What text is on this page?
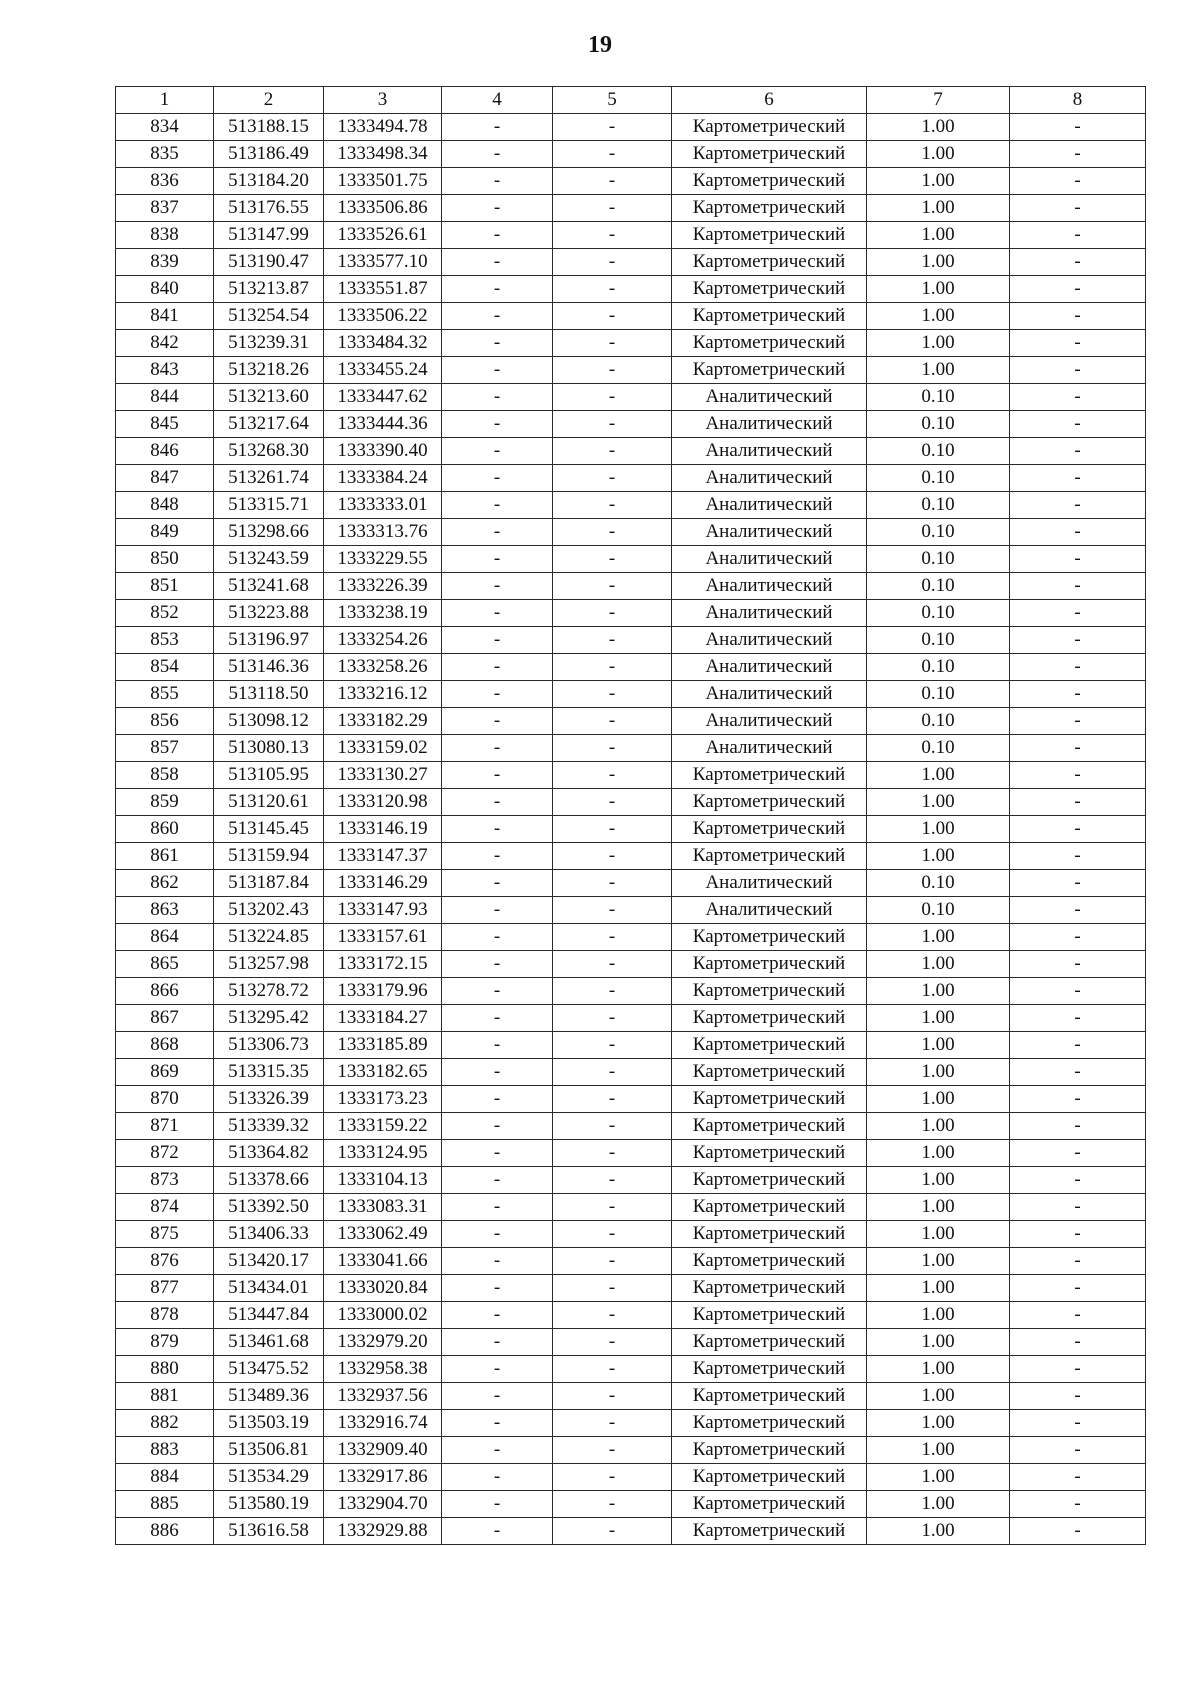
19
1	2	3	4	5	6	7	8
834	513188.15	1333494.78	-	-	Картометрический	1.00	-
835	513186.49	1333498.34	-	-	Картометрический	1.00	-
836	513184.20	1333501.75	-	-	Картометрический	1.00	-
837	513176.55	1333506.86	-	-	Картометрический	1.00	-
838	513147.99	1333526.61	-	-	Картометрический	1.00	-
839	513190.47	1333577.10	-	-	Картометрический	1.00	-
840	513213.87	1333551.87	-	-	Картометрический	1.00	-
841	513254.54	1333506.22	-	-	Картометрический	1.00	-
842	513239.31	1333484.32	-	-	Картометрический	1.00	-
843	513218.26	1333455.24	-	-	Картометрический	1.00	-
844	513213.60	1333447.62	-	-	Аналитический	0.10	-
845	513217.64	1333444.36	-	-	Аналитический	0.10	-
846	513268.30	1333390.40	-	-	Аналитический	0.10	-
847	513261.74	1333384.24	-	-	Аналитический	0.10	-
848	513315.71	1333333.01	-	-	Аналитический	0.10	-
849	513298.66	1333313.76	-	-	Аналитический	0.10	-
850	513243.59	1333229.55	-	-	Аналитический	0.10	-
851	513241.68	1333226.39	-	-	Аналитический	0.10	-
852	513223.88	1333238.19	-	-	Аналитический	0.10	-
853	513196.97	1333254.26	-	-	Аналитический	0.10	-
854	513146.36	1333258.26	-	-	Аналитический	0.10	-
855	513118.50	1333216.12	-	-	Аналитический	0.10	-
856	513098.12	1333182.29	-	-	Аналитический	0.10	-
857	513080.13	1333159.02	-	-	Аналитический	0.10	-
858	513105.95	1333130.27	-	-	Картометрический	1.00	-
859	513120.61	1333120.98	-	-	Картометрический	1.00	-
860	513145.45	1333146.19	-	-	Картометрический	1.00	-
861	513159.94	1333147.37	-	-	Картометрический	1.00	-
862	513187.84	1333146.29	-	-	Аналитический	0.10	-
863	513202.43	1333147.93	-	-	Аналитический	0.10	-
864	513224.85	1333157.61	-	-	Картометрический	1.00	-
865	513257.98	1333172.15	-	-	Картометрический	1.00	-
866	513278.72	1333179.96	-	-	Картометрический	1.00	-
867	513295.42	1333184.27	-	-	Картометрический	1.00	-
868	513306.73	1333185.89	-	-	Картометрический	1.00	-
869	513315.35	1333182.65	-	-	Картометрический	1.00	-
870	513326.39	1333173.23	-	-	Картометрический	1.00	-
871	513339.32	1333159.22	-	-	Картометрический	1.00	-
872	513364.82	1333124.95	-	-	Картометрический	1.00	-
873	513378.66	1333104.13	-	-	Картометрический	1.00	-
874	513392.50	1333083.31	-	-	Картометрический	1.00	-
875	513406.33	1333062.49	-	-	Картометрический	1.00	-
876	513420.17	1333041.66	-	-	Картометрический	1.00	-
877	513434.01	1333020.84	-	-	Картометрический	1.00	-
878	513447.84	1333000.02	-	-	Картометрический	1.00	-
879	513461.68	1332979.20	-	-	Картометрический	1.00	-
880	513475.52	1332958.38	-	-	Картометрический	1.00	-
881	513489.36	1332937.56	-	-	Картометрический	1.00	-
882	513503.19	1332916.74	-	-	Картометрический	1.00	-
883	513506.81	1332909.40	-	-	Картометрический	1.00	-
884	513534.29	1332917.86	-	-	Картометрический	1.00	-
885	513580.19	1332904.70	-	-	Картометрический	1.00	-
886	513616.58	1332929.88	-	-	Картометрический	1.00	-
